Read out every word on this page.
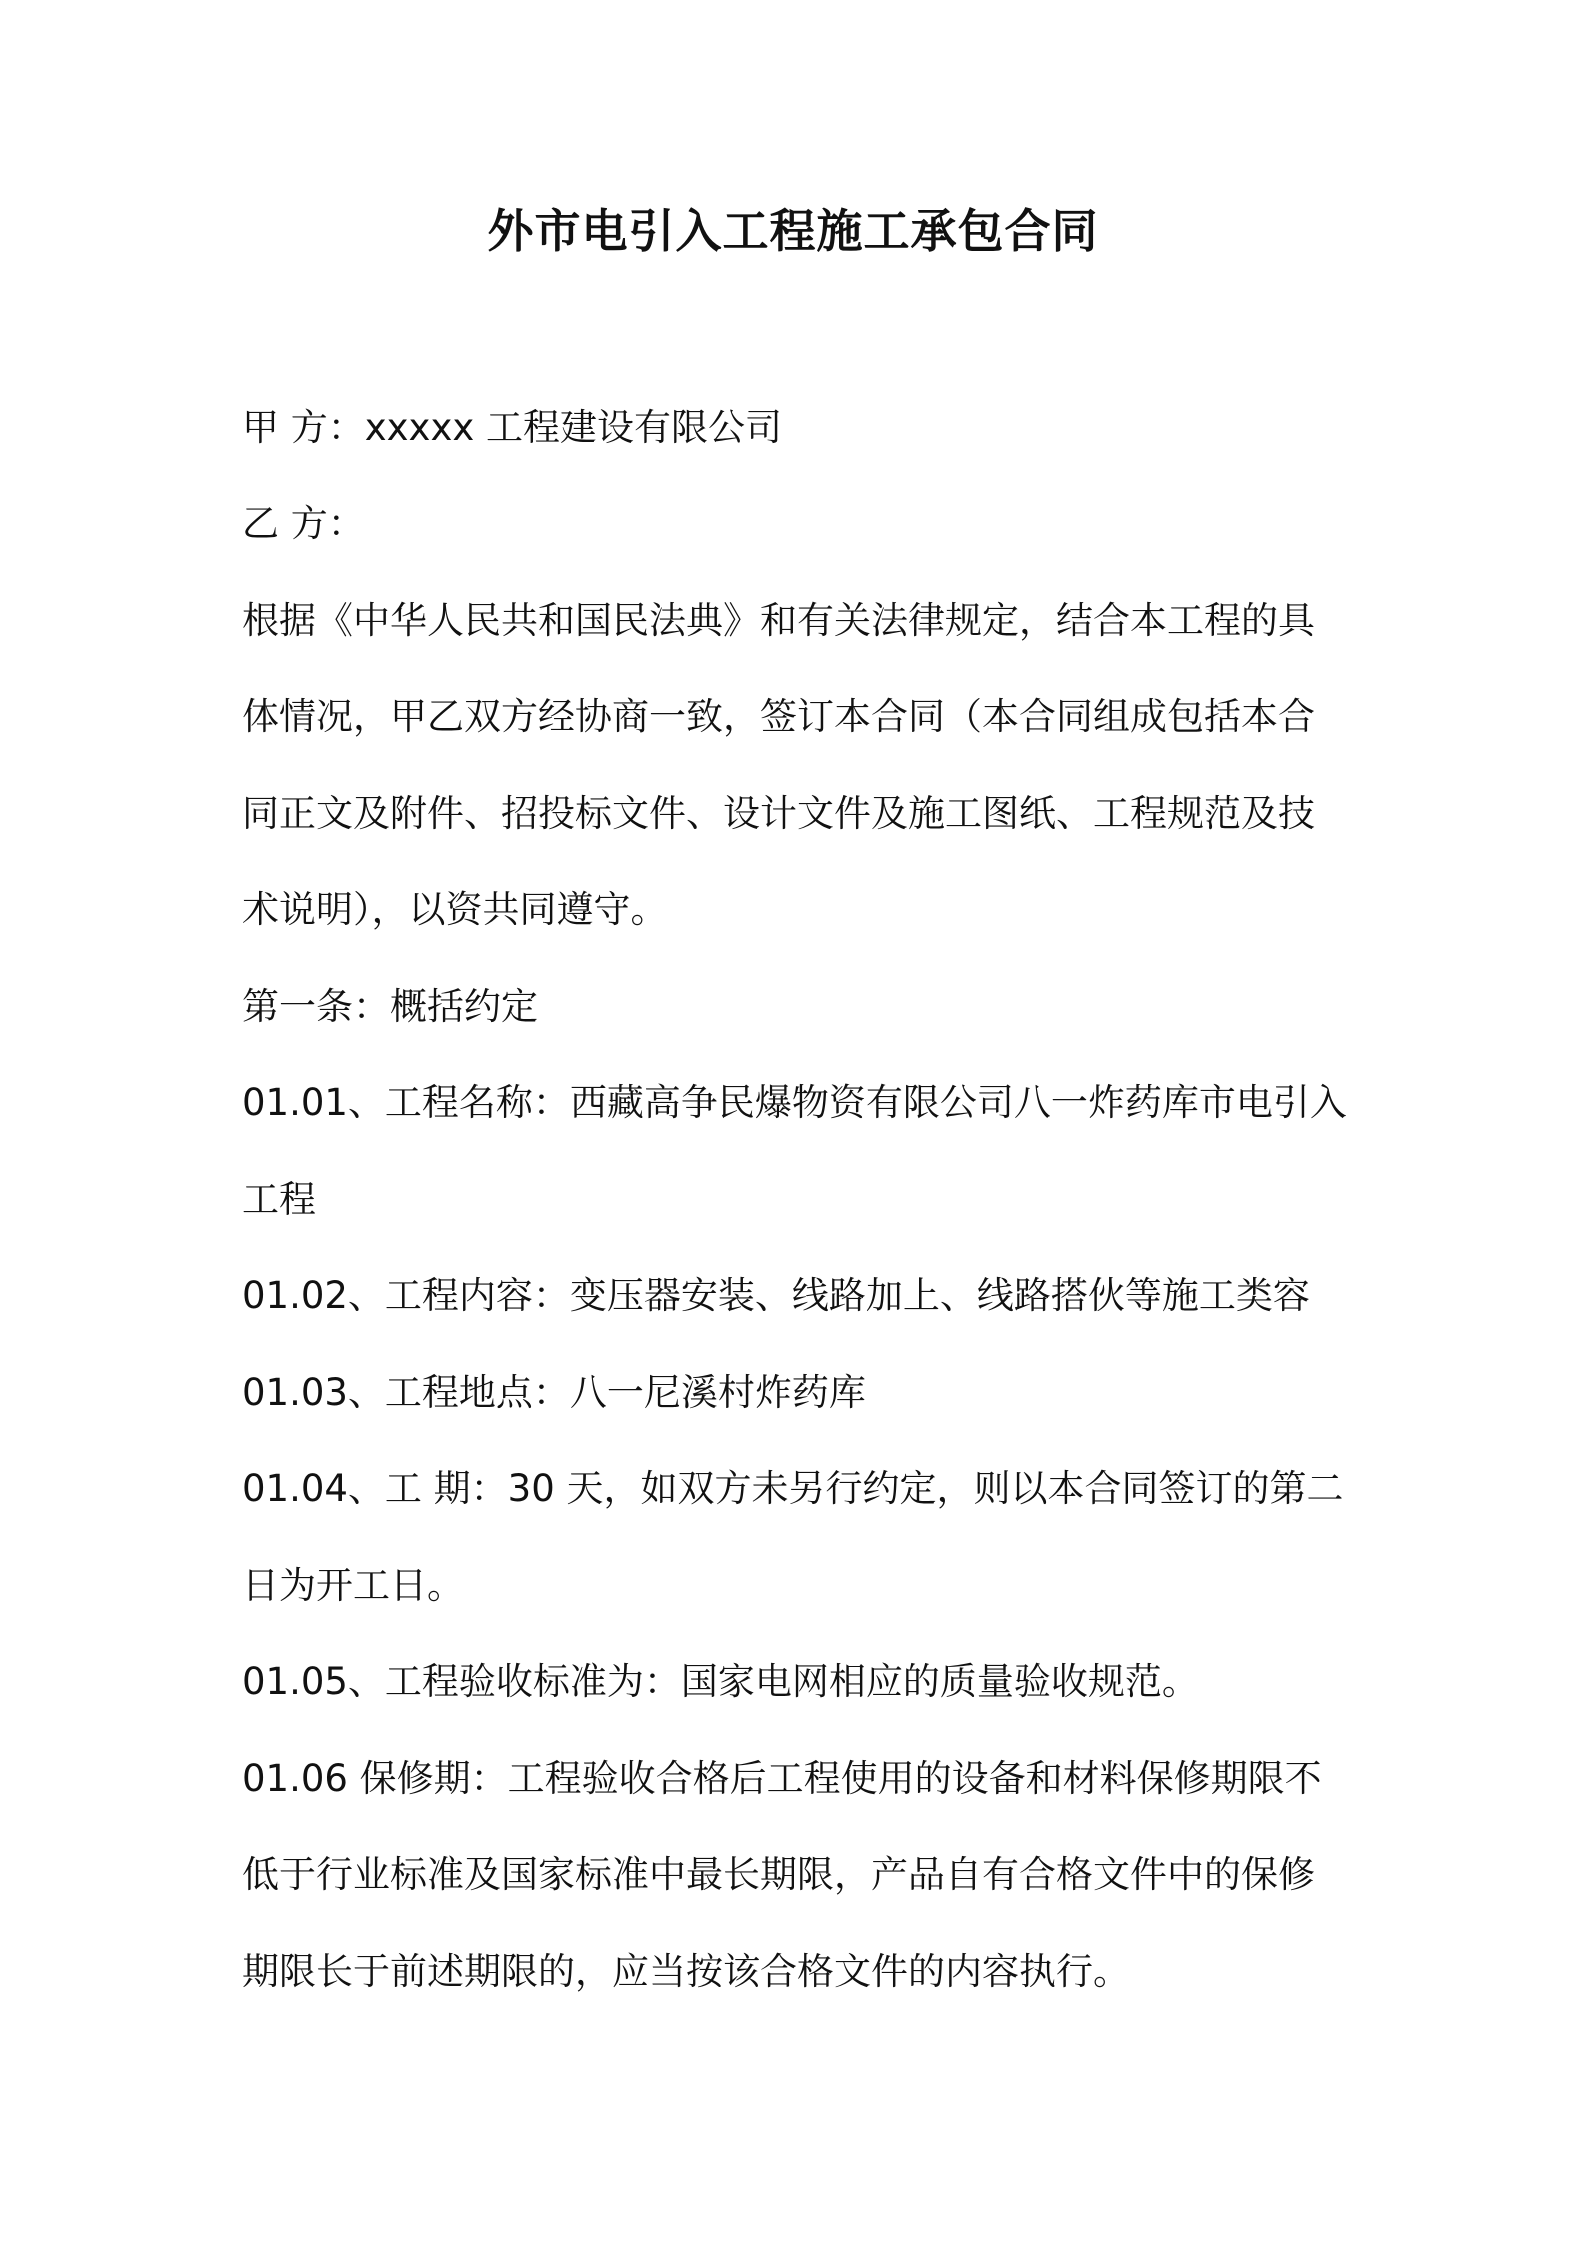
外市电引入工程施工承包合同
甲 方：xxxxx 工程建设有限公司
乙 方：
根据《中华人民共和国民法典》和有关法律规定，结合本工程的具
体情况，甲乙双方经协商一致，签订本合同（本合同组成包括本合
同正文及附件、招投标文件、设计文件及施工图纸、工程规范及技
术说明），以资共同遵守。
第一条：概括约定
01.01、工程名称：西藏高争民爆物资有限公司八一炸药库市电引入
工程
01.02、工程内容：变压器安装、线路加上、线路搭伙等施工类容
01.03、工程地点：八一尼溪村炸药库
01.04、工 期：30 天，如双方未另行约定，则以本合同签订的第二
日为开工日。
01.05、工程验收标准为：国家电网相应的质量验收规范。
01.06 保修期：工程验收合格后工程使用的设备和材料保修期限不
低于行业标准及国家标准中最长期限，产品自有合格文件中的保修
期限长于前述期限的，应当按该合格文件的内容执行。
